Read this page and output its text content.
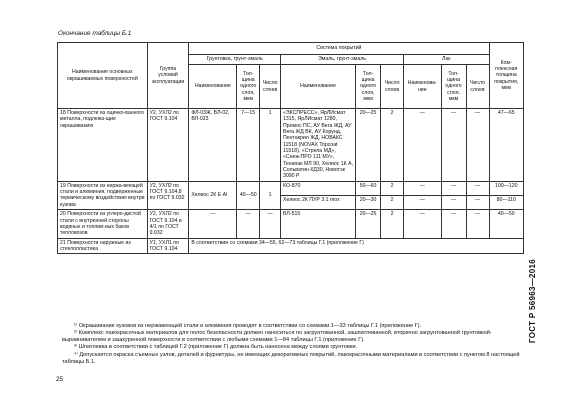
Окончание таблицы Б.1
Наименование основных окрашиваемых поверхностей	Группа условий эксплуатации	Система покрытий									Ком-плексная толщина покрытия, мкм
		Грунтовка, грунт-эмаль			Эмаль, грунт-эмаль			Лак			
		Наименование	Тол-щина одного слоя, мкм	Число слоев	Наименование	Тол-щина одного слоя, мкм	Число слоев	Наименова-ние	Тол-щина одного слоя, мкм	Число слоев	
18 Поверхности из оцинко-ванного металла, подлежа-щие окрашиванию	У2, УХЛ2 по ГОСТ 9.104	ФЛ-03Ж, ВЛ-02, ВЛ-023	7—15	1	«ЭКСПРЕСС», ЯрЛИсмат 1315, ЯрЛИсмат 1280, Промос ПС, АУ Вега ЖД, АУ Вега ЖД ВК, АУ Корунд, Пентакрил ЖД, НОВАКС 11518 (NOVAX Topcoat 11518), «Стрела МД», «Снеж-ПРО 111 МУ», Тенапак МЛ 90, Хелиос 1К А, Сольватин КД30, Новотэк 3090 Р	20—25	2	—	—	—	47—65
19 Поверхности из нержа-веющей стали и алюминия, подверженные термическому воздействию внутри кузова	У2, УХЛ2 по ГОСТ 9.104,8 по ГОСТ 9.032	Хелиос 2К Е Al	40—50	1	КО-870	50—60	2	—	—	—	100—120
					Хелиос 2К ПУР 3:1 mox	20—30	2	—	—	—	80—110
20 Поверхности из углеро-дистой стали с внутренней стороны водяных и топлив-ных баков тепловозов	У2, УХЛ2 по ГОСТ 9.104 и 4/1 по ГОСТ 9.032	—	—	—	ВЛ-515	20—25	2	—	—	—	40—50
21 Поверхности наружные из стеклопластика	У1, УХЛ1 по ГОСТ 9.104	В соответствии со схемами 34—55, 62—73 таблицы Г.1 (приложение Г)									

¹⁾ Окрашивание кузовов из нержавеющей стали и алюминия проводят в соответствии со схемами 1—33 таблицы Г.1 (приложение Г).

²⁾ Комплекс лакокрасочных материалов для полос безопасности должен наноситься по загрунтованной, зашпатлеванной, вторично загрунтованной грунтовкой-выравнивателем и зашкуренной поверхности в соответствии с любыми схемами 1—84 таблицы Г.1 (приложение Г).

³⁾ Шпатлевка в соответствии с таблицей Г.2 (приложение Г) должна быть нанесена между слоями грунтовки.

⁴⁾ Допускается окраска съемных узлов, деталей и фурнитуры, не имеющих декоративных покрытий, лакокрасочными материалами в соответствии с пунктом 8 настоящей таблицы Б.1.

25
ГОСТ Р 56963—2016
